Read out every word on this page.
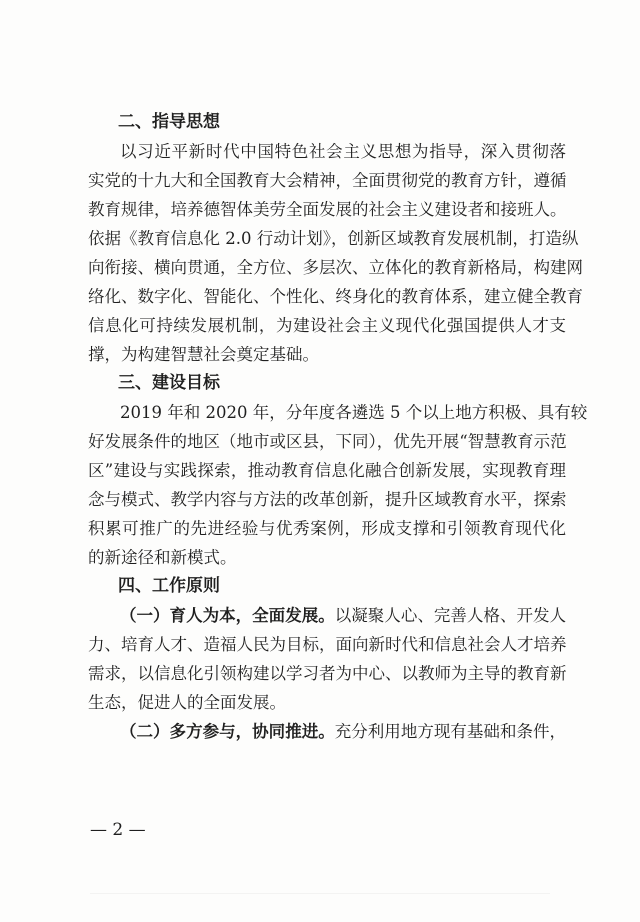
二、指导思想
以习近平新时代中国特色社会主义思想为指导，深入贯彻落
实党的十九大和全国教育大会精神，全面贯彻党的教育方针，遵循
教育规律，培养德智体美劳全面发展的社会主义建设者和接班人。
依据《教育信息化 2.0 行动计划》，创新区域教育发展机制，打造纵
向衔接、横向贯通，全方位、多层次、立体化的教育新格局，构建网
络化、数字化、智能化、个性化、终身化的教育体系，建立健全教育
信息化可持续发展机制，为建设社会主义现代化强国提供人才支
撑，为构建智慧社会奠定基础。
三、建设目标
2019 年和 2020 年，分年度各遴选 5 个以上地方积极、具有较
好发展条件的地区（地市或区县，下同），优先开展“智慧教育示范
区”建设与实践探索，推动教育信息化融合创新发展，实现教育理
念与模式、教学内容与方法的改革创新，提升区域教育水平，探索
积累可推广的先进经验与优秀案例，形成支撑和引领教育现代化
的新途径和新模式。
四、工作原则
（一）育人为本，全面发展。以凝聚人心、完善人格、开发人
力、培育人才、造福人民为目标，面向新时代和信息社会人才培养
需求，以信息化引领构建以学习者为中心、以教师为主导的教育新
生态，促进人的全面发展。
（二）多方参与，协同推进。充分利用地方现有基础和条件，
— 2 —
